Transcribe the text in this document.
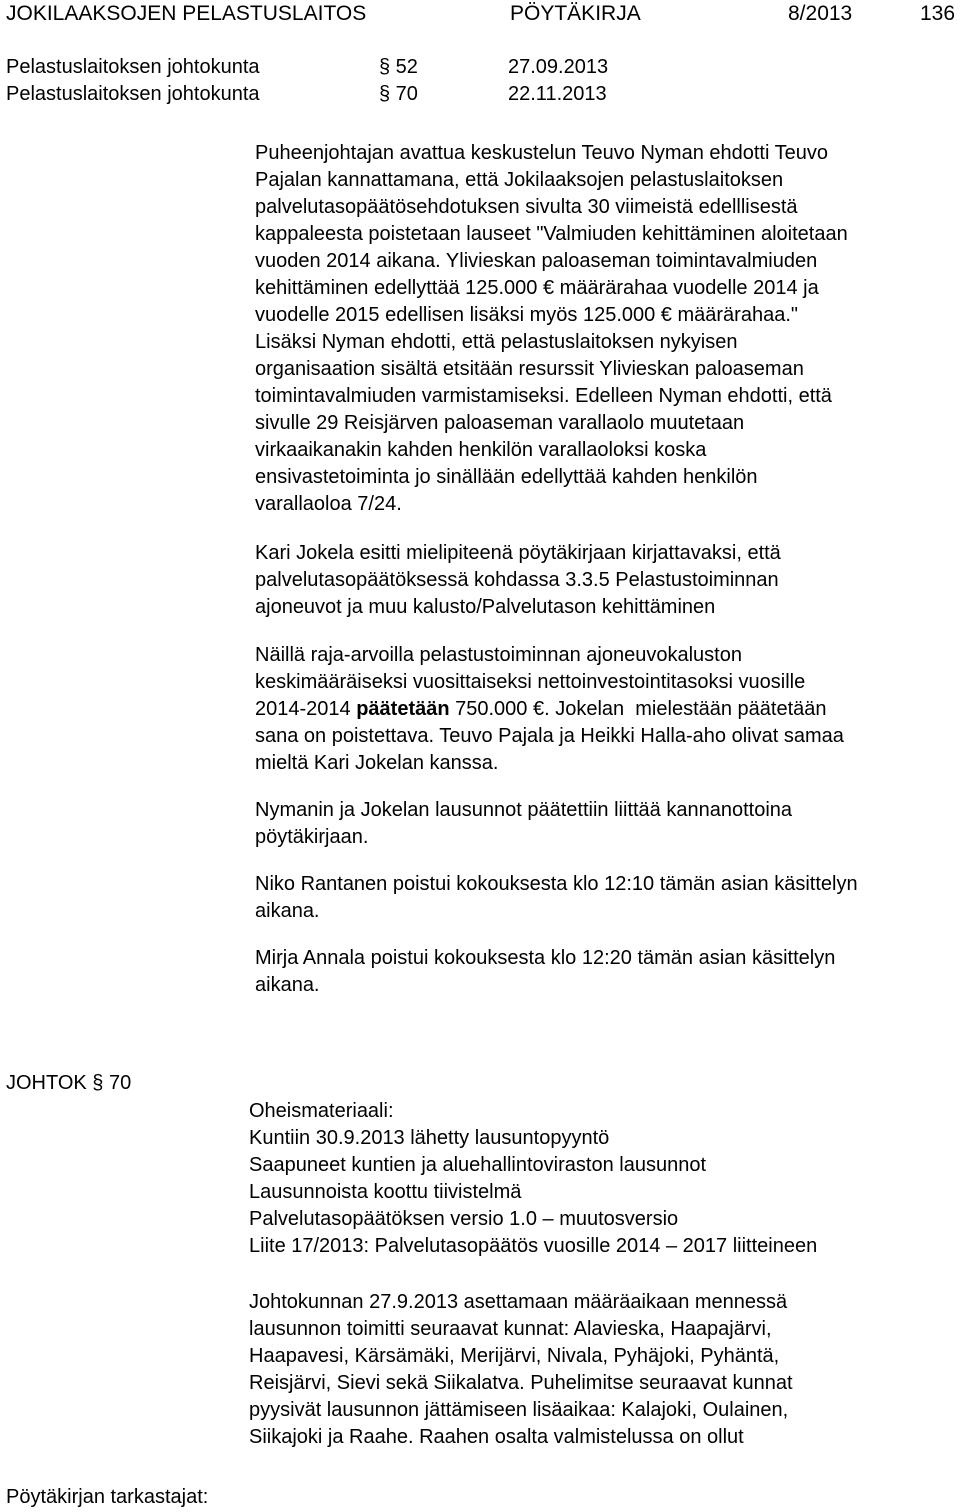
JOKILAAKSOJEN PELASTUSLAITOS	PÖYTÄKIRJA	8/2013	136
Pelastuslaitoksen johtokunta	§ 52	27.09.2013
Pelastuslaitoksen johtokunta	§ 70	22.11.2013

Puheenjohtajan avattua keskustelun Teuvo Nyman ehdotti Teuvo

Pajalan kannattamana, että Jokilaaksojen pelastuslaitoksen

palvelutasopäätösehdotuksen sivulta 30 viimeistä edelllisestä

kappaleesta poistetaan lauseet "Valmiuden kehittäminen aloitetaan

vuoden 2014 aikana. Ylivieskan paloaseman toimintavalmiuden

kehittäminen edellyttää 125.000 € määrärahaa vuodelle 2014 ja

vuodelle 2015 edellisen lisäksi myös 125.000 € määrärahaa."

Lisäksi Nyman ehdotti, että pelastuslaitoksen nykyisen

organisaation sisältä etsitään resurssit Ylivieskan paloaseman

toimintavalmiuden varmistamiseksi. Edelleen Nyman ehdotti, että

sivulle 29 Reisjärven paloaseman varallaolo muutetaan

virkaaikanakin kahden henkilön varallaoloksi koska

ensivastetoiminta jo sinällään edellyttää kahden henkilön

varallaoloa 7/24.

Kari Jokela esitti mielipiteenä pöytäkirjaan kirjattavaksi, että

palvelutasopäätöksessä kohdassa 3.3.5 Pelastustoiminnan

ajoneuvot ja muu kalusto/Palvelutason kehittäminen

Näillä raja-arvoilla pelastustoiminnan ajoneuvokaluston

keskimääräiseksi vuosittaiseksi nettoinvestointitasoksi vuosille

2014-2014 päätetään 750.000 €. Jokelan  mielestään päätetään

sana on poistettava. Teuvo Pajala ja Heikki Halla-aho olivat samaa

mieltä Kari Jokelan kanssa.

Nymanin ja Jokelan lausunnot päätettiin liittää kannanottoina

pöytäkirjaan.

Niko Rantanen poistui kokouksesta klo 12:10 tämän asian käsittelyn

aikana.

Mirja Annala poistui kokouksesta klo 12:20 tämän asian käsittelyn

aikana.

JOHTOK § 70
Oheismateriaali:
Kuntiin 30.9.2013 lähetty lausuntopyyntö
Saapuneet kuntien ja aluehallintoviraston lausunnot
Lausunnoista koottu tiivistelmä
Palvelutasopäätöksen versio 1.0 – muutosversio
Liite 17/2013: Palvelutasopäätös vuosille 2014 – 2017 liitteineen
Johtokunnan 27.9.2013 asettamaan määräaikaan mennessä
lausunnon toimitti seuraavat kunnat: Alavieska, Haapajärvi,
Haapavesi, Kärsämäki, Merijärvi, Nivala, Pyhäjoki, Pyhäntä,
Reisjärvi, Sievi sekä Siikalatva. Puhelimitse seuraavat kunnat
pyysivät lausunnon jättämiseen lisäaikaa: Kalajoki, Oulainen,
Siikajoki ja Raahe. Raahen osalta valmistelussa on ollut
Pöytäkirjan tarkastajat:
